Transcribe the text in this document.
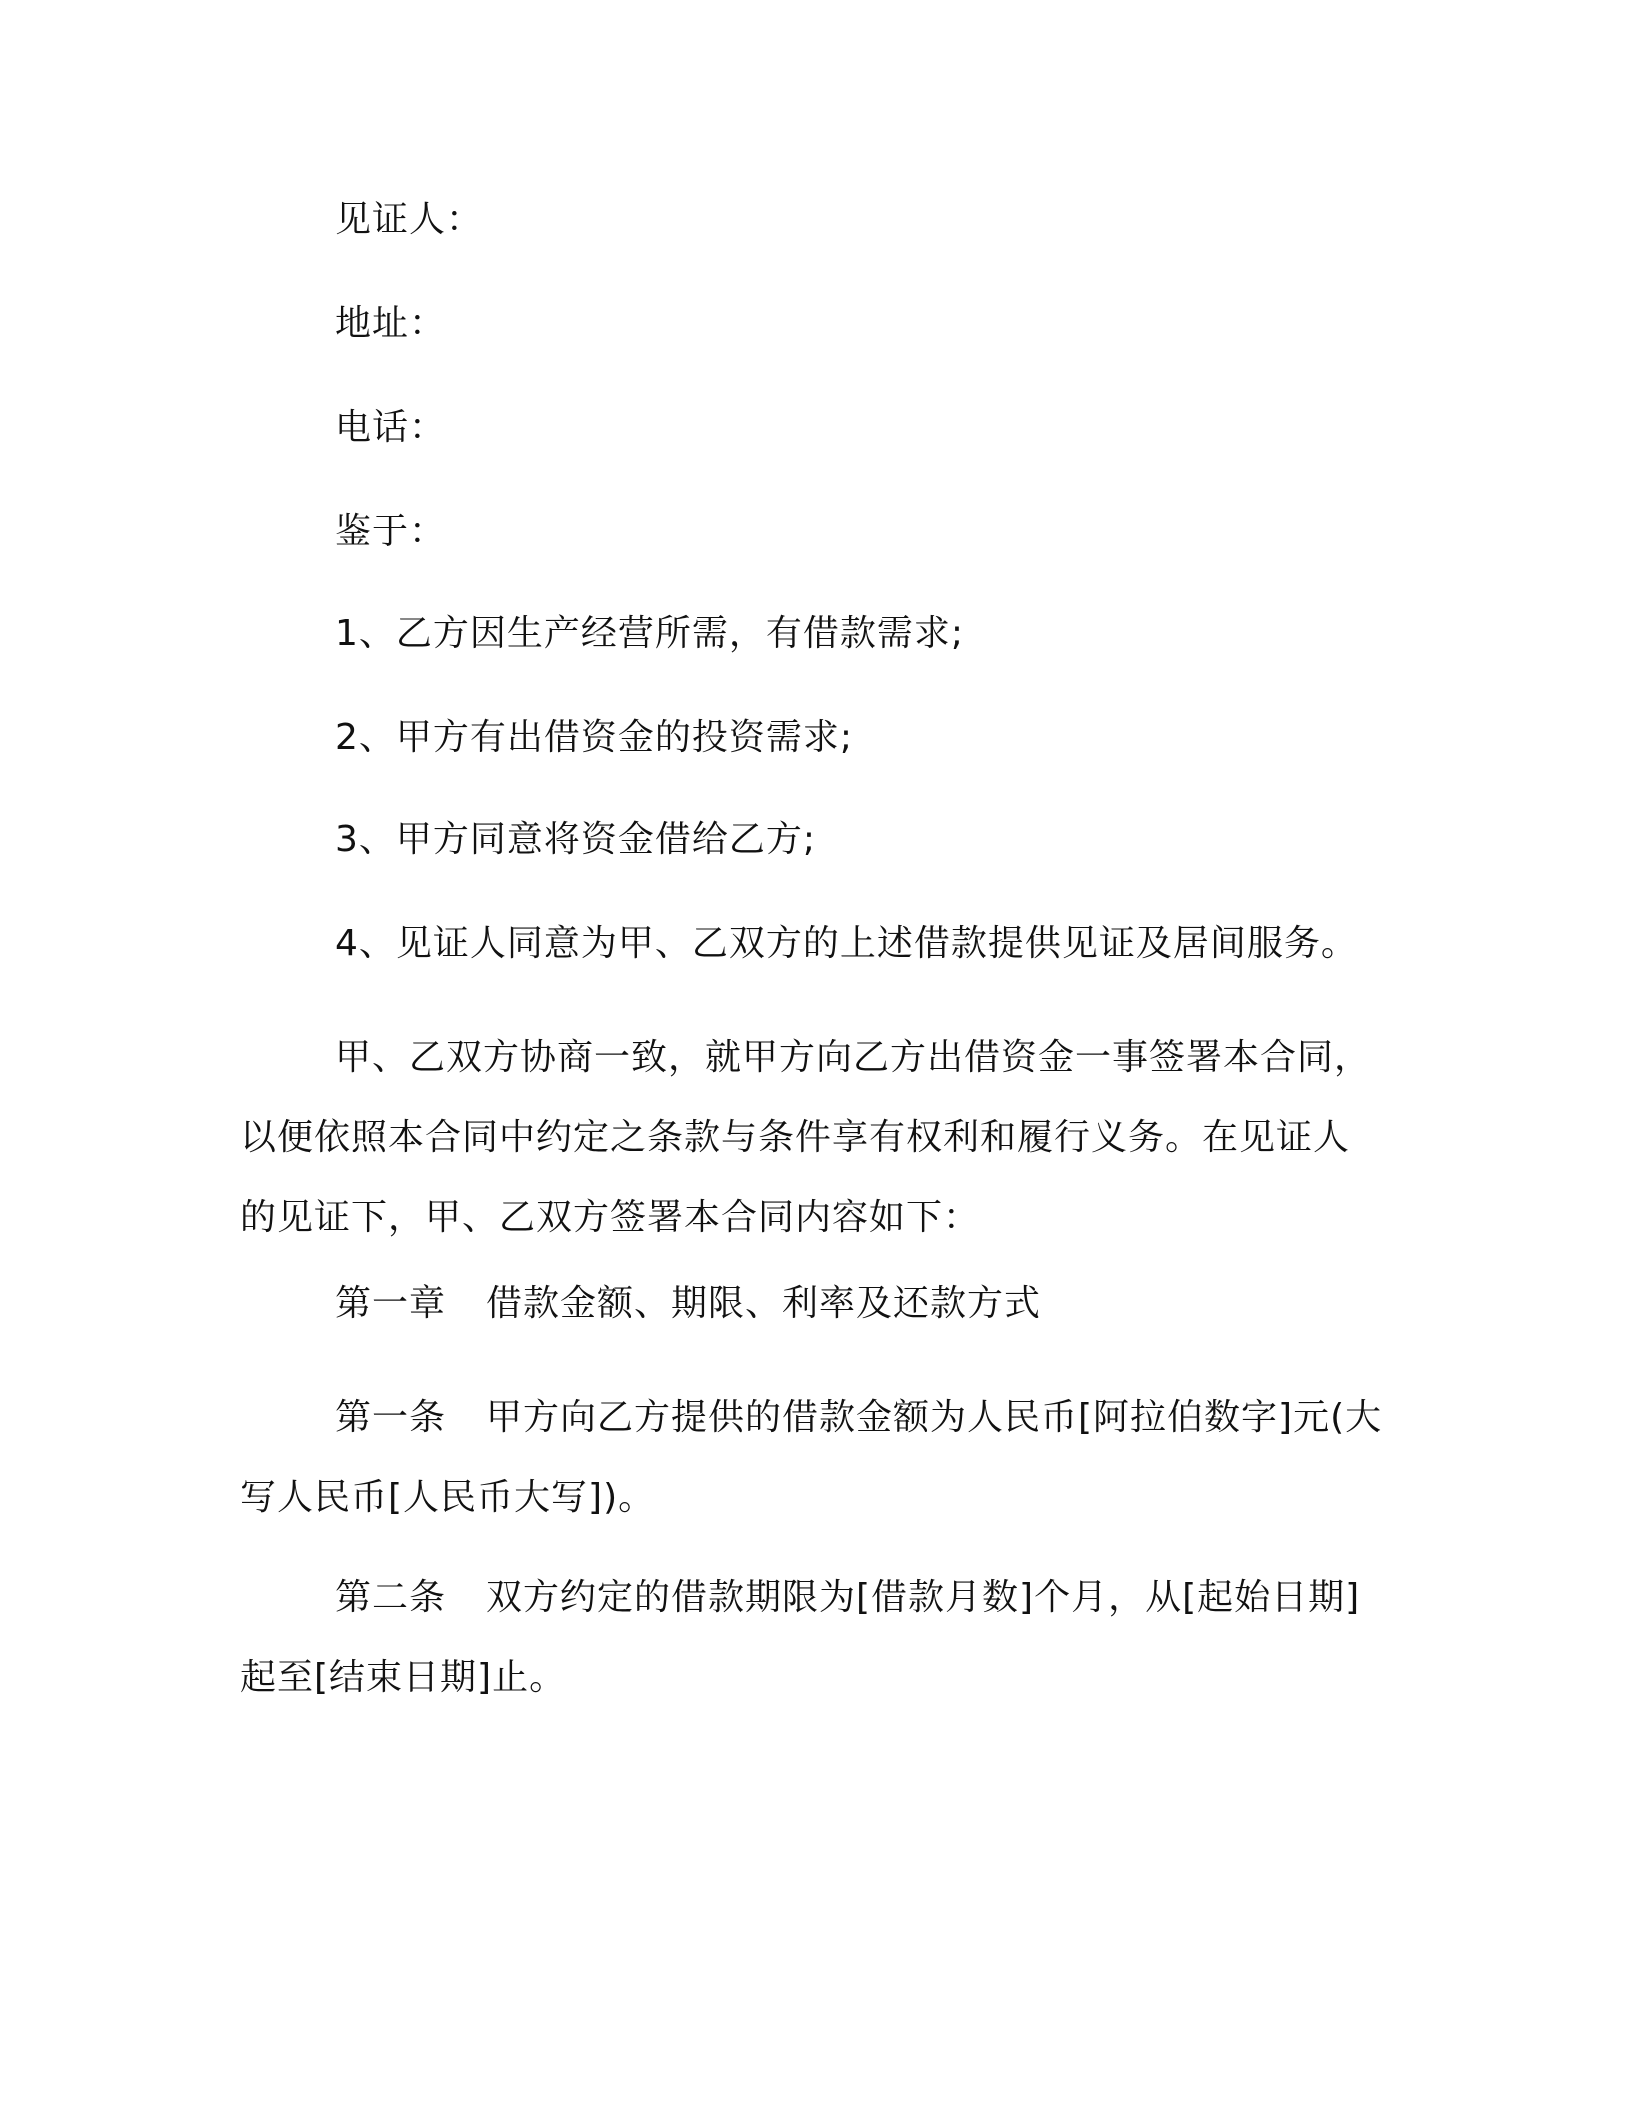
见证人：
地址：
电话：
鉴于：
1、乙方因生产经营所需，有借款需求;
2、甲方有出借资金的投资需求;
3、甲方同意将资金借给乙方;
4、见证人同意为甲、乙双方的上述借款提供见证及居间服务。
甲、乙双方协商一致，就甲方向乙方出借资金一事签署本合同，
以便依照本合同中约定之条款与条件享有权利和履行义务。在见证人
的见证下，甲、乙双方签署本合同内容如下：
第一章 借款金额、期限、利率及还款方式
第一条 甲方向乙方提供的借款金额为人民币[阿拉伯数字]元(大
写人民币[人民币大写])。
第二条 双方约定的借款期限为[借款月数]个月，从[起始日期]
起至[结束日期]止。
